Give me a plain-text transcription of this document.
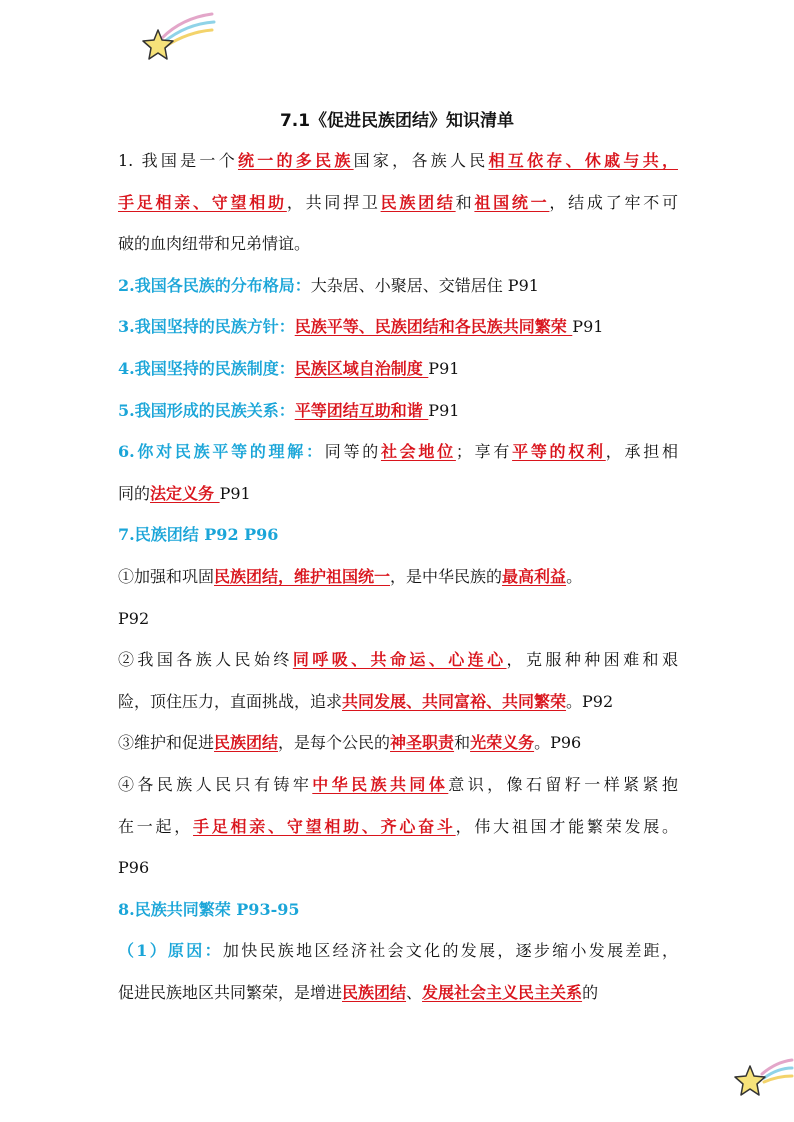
7.1《促进民族团结》知识清单
1. 我国是一个统一的多民族国家，各族人民相互依存、休戚与共，
手足相亲、守望相助，共同捍卫民族团结和祖国统一，结成了牢不可
破的血肉纽带和兄弟情谊。
2.我国各民族的分布格局：大杂居、小聚居、交错居住 P91
3.我国坚持的民族方针：民族平等、民族团结和各民族共同繁荣 P91
4.我国坚持的民族制度：民族区域自治制度 P91
5.我国形成的民族关系：平等团结互助和谐 P91
6.你对民族平等的理解：同等的社会地位；享有平等的权利，承担相
同的法定义务 P91
7.民族团结 P92 P96
①加强和巩固民族团结，维护祖国统一，是中华民族的最高利益。
P92
②我国各族人民始终同呼吸、共命运、心连心，克服种种困难和艰
险，顶住压力，直面挑战，追求共同发展、共同富裕、共同繁荣。P92
③维护和促进民族团结，是每个公民的神圣职责和光荣义务。P96
④各民族人民只有铸牢中华民族共同体意识，像石留籽一样紧紧抱
在一起，手足相亲、守望相助、齐心奋斗，伟大祖国才能繁荣发展。
P96
8.民族共同繁荣 P93-95
（1）原因：加快民族地区经济社会文化的发展，逐步缩小发展差距，
促进民族地区共同繁荣，是增进民族团结、发展社会主义民主关系的
